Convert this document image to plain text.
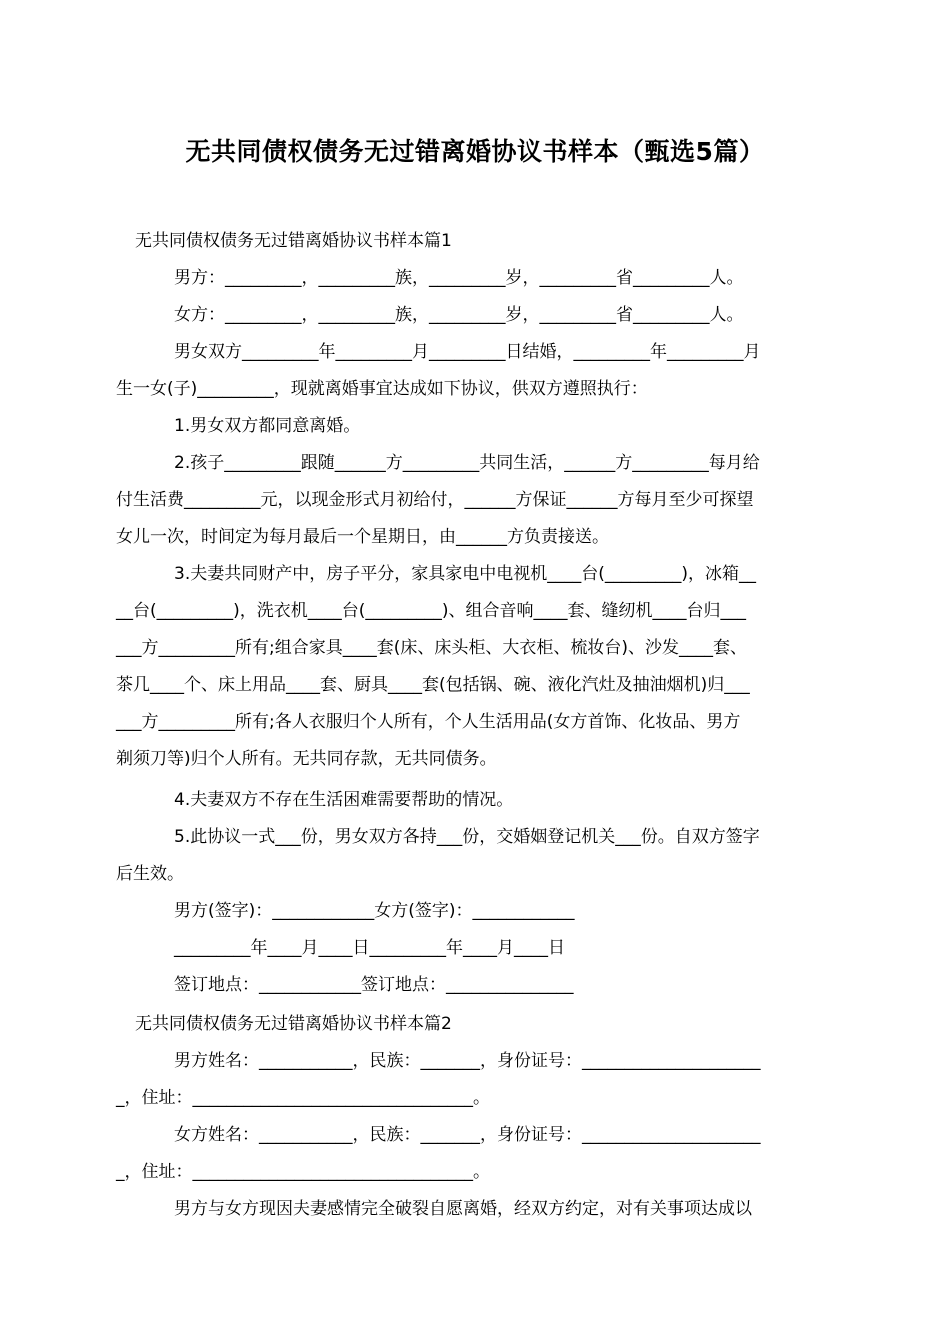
无共同债权债务无过错离婚协议书样本（甄选5篇）
无共同债权债务无过错离婚协议书样本篇1
男方：_________，_________族，_________岁，_________省_________人。
女方：_________，_________族，_________岁，_________省_________人。
男女双方_________年_________月_________日结婚，_________年_________月
生一女(子)_________，现就离婚事宜达成如下协议，供双方遵照执行：
1.男女双方都同意离婚。
2.孩子_________跟随______方_________共同生活，______方_________每月给
付生活费_________元，以现金形式月初给付，______方保证______方每月至少可探望
女儿一次，时间定为每月最后一个星期日，由______方负责接送。
3.夫妻共同财产中，房子平分，家具家电中电视机____台(_________)，冰箱__
__台(_________)，洗衣机____台(_________)、组合音响____套、缝纫机____台归___
___方_________所有;组合家具____套(床、床头柜、大衣柜、梳妆台)、沙发____套、
茶几____个、床上用品____套、厨具____套(包括锅、碗、液化汽灶及抽油烟机)归___
___方_________所有;各人衣服归个人所有，个人生活用品(女方首饰、化妆品、男方
剃须刀等)归个人所有。无共同存款，无共同债务。
4.夫妻双方不存在生活困难需要帮助的情况。
5.此协议一式___份，男女双方各持___份，交婚姻登记机关___份。自双方签字
后生效。
男方(签字)：____________女方(签字)：____________
_________年____月____日_________年____月____日
签订地点：____________签订地点：_______________
无共同债权债务无过错离婚协议书样本篇2
男方姓名：___________，民族：_______，身份证号：_____________________
_，住址：_________________________________。
女方姓名：___________，民族：_______，身份证号：_____________________
_，住址：_________________________________。
男方与女方现因夫妻感情完全破裂自愿离婚，经双方约定，对有关事项达成以
